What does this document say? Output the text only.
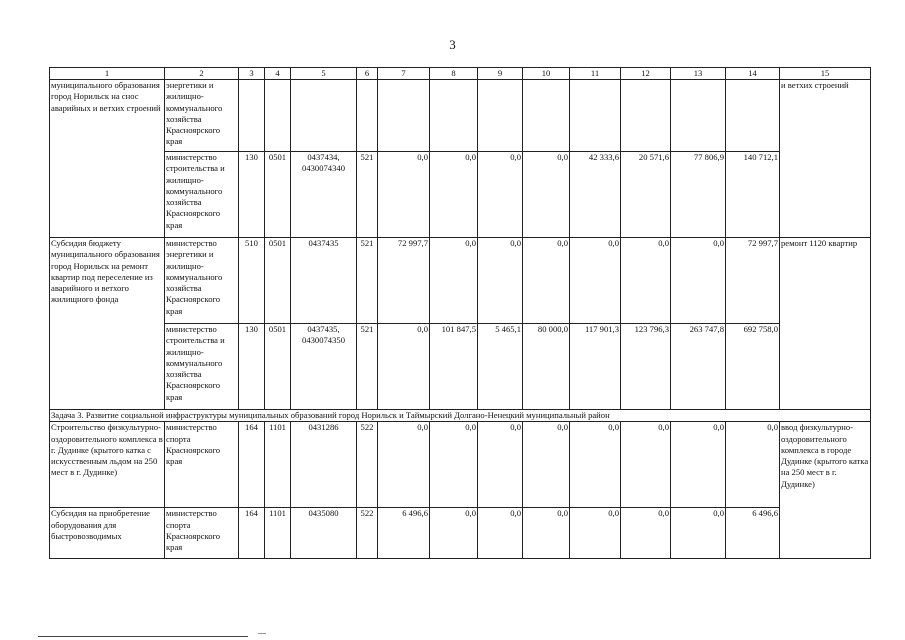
3
1	2	3	4	5	6	7	8	9	10	11	12	13	14	15
муниципального образования город Норильск на снос аварийных и ветхих строений	энергетики и жилищно-коммунального хозяйства Красноярского края													и ветхих строений
	министерство строительства и жилищно-коммунального хозяйства Красноярского края	130	0501	0437434, 0430074340	521	0,0	0,0	0,0	0,0	42 333,6	20 571,6	77 806,9	140 712,1	
Субсидия бюджету муниципального образования город Норильск на ремонт квартир под переселение из аварийного и ветхого жилищного фонда	министерство энергетики и жилищно-коммунального хозяйства Красноярского края	510	0501	0437435	521	72 997,7	0,0	0,0	0,0	0,0	0,0	0,0	72 997,7	ремонт 1120 квартир
	министерство строительства и жилищно-коммунального хозяйства Красноярского края	130	0501	0437435, 0430074350	521	0,0	101 847,5	5 465,1	80 000,0	117 901,3	123 796,3	263 747,8	692 758,0	
Задача 3. Развитие социальной инфраструктуры муниципальных образований город Норильск и Таймырский Долгано-Ненецкий муниципальный район														
Строительство физкультурно-оздоровительного комплекса в г. Дудинке (крытого катка с искусственным льдом на 250 мест в г. Дудинке)	министерство спорта Красноярского края	164	1101	0431286	522	0,0	0,0	0,0	0,0	0,0	0,0	0,0	0,0	ввод физкультурно-оздоровительного комплекса в городе Дудинке (крытого катка на 250 мест в г. Дудинке)
Субсидия на приобретение оборудования для быстровозводимых	министерство спорта Красноярского края	164	1101	0435080	522	6 496,6	0,0	0,0	0,0	0,0	0,0	0,0	6 496,6	
